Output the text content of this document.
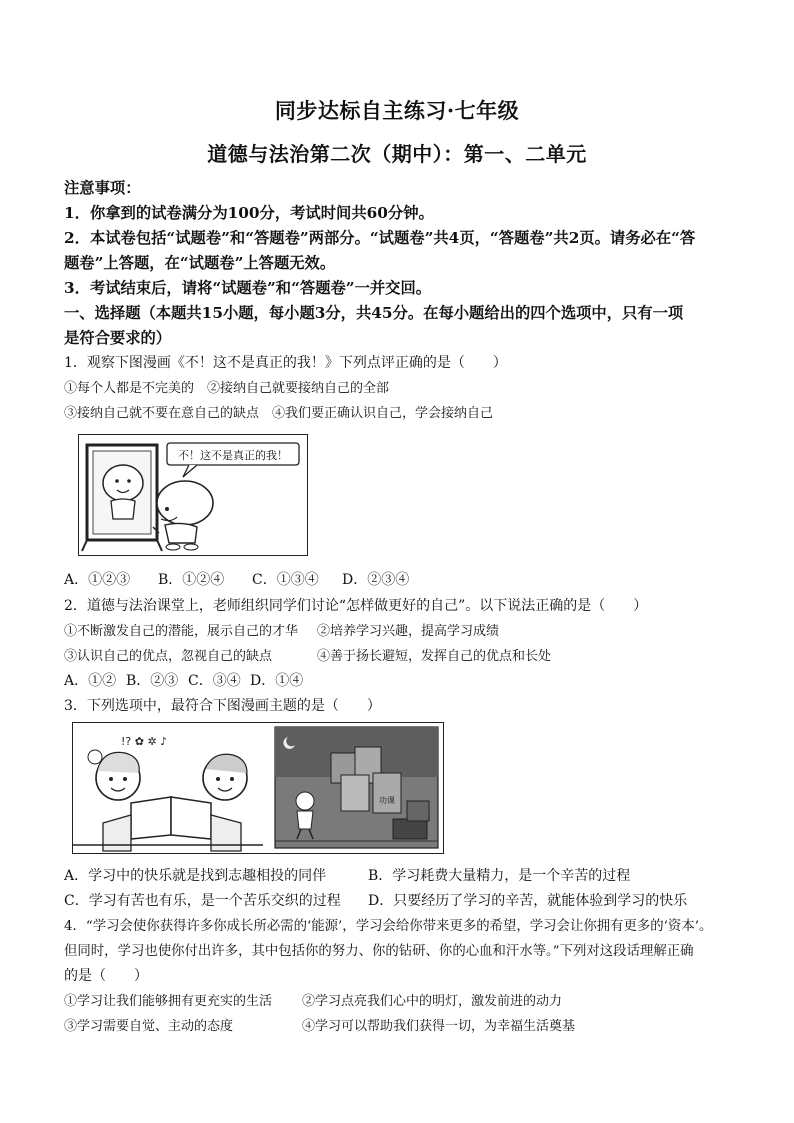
同步达标自主练习·七年级
道德与法治第二次（期中）：第一、二单元
注意事项：
1．你拿到的试卷满分为100分，考试时间共60分钟。
2．本试卷包括“试题卷”和“答题卷”两部分。“试题卷”共4页，“答题卷”共2页。请务必在“答
题卷”上答题，在“试题卷”上答题无效。
3．考试结束后，请将“试题卷”和“答题卷”一并交回。
一、选择题（本题共15小题，每小题3分，共45分。在每小题给出的四个选项中，只有一项
是符合要求的）
1．观察下图漫画《不！这不是真正的我！》下列点评正确的是（　　）
①每个人都是不完美的　②接纳自己就要接纳自己的全部
③接纳自己就不要在意自己的缺点　④我们要正确认识自己，学会接纳自己
不！这不是真正的我！
A．①②③ B．①②④ C．①③④ D．②③④
2．道德与法治课堂上，老师组织同学们讨论“怎样做更好的自己”。以下说法正确的是（　　）
①不断激发自己的潜能，展示自己的才华 ②培养学习兴趣，提高学习成绩
③认识自己的优点，忽视自己的缺点	④善于扬长避短，发挥自己的优点和长处
A．①② B．②③ C．③④ D．①④
3．下列选项中，最符合下图漫画主题的是（　　）
!? ✿ ✲ ♪
功课
A．学习中的快乐就是找到志趣相投的同伴	B．学习耗费大量精力，是一个辛苦的过程
C．学习有苦也有乐，是一个苦乐交织的过程 D．只要经历了学习的辛苦，就能体验到学习的快乐
4．“学习会使你获得许多你成长所必需的‘能源’，学习会给你带来更多的希望，学习会让你拥有更多的‘资本’。
但同时，学习也使你付出许多，其中包括你的努力、你的钻研、你的心血和汗水等。”下列对这段话理解正确
的是（　　）
①学习让我们能够拥有更充实的生活 ②学习点亮我们心中的明灯，激发前进的动力
③学习需要自觉、主动的态度	④学习可以帮助我们获得一切，为幸福生活奠基
